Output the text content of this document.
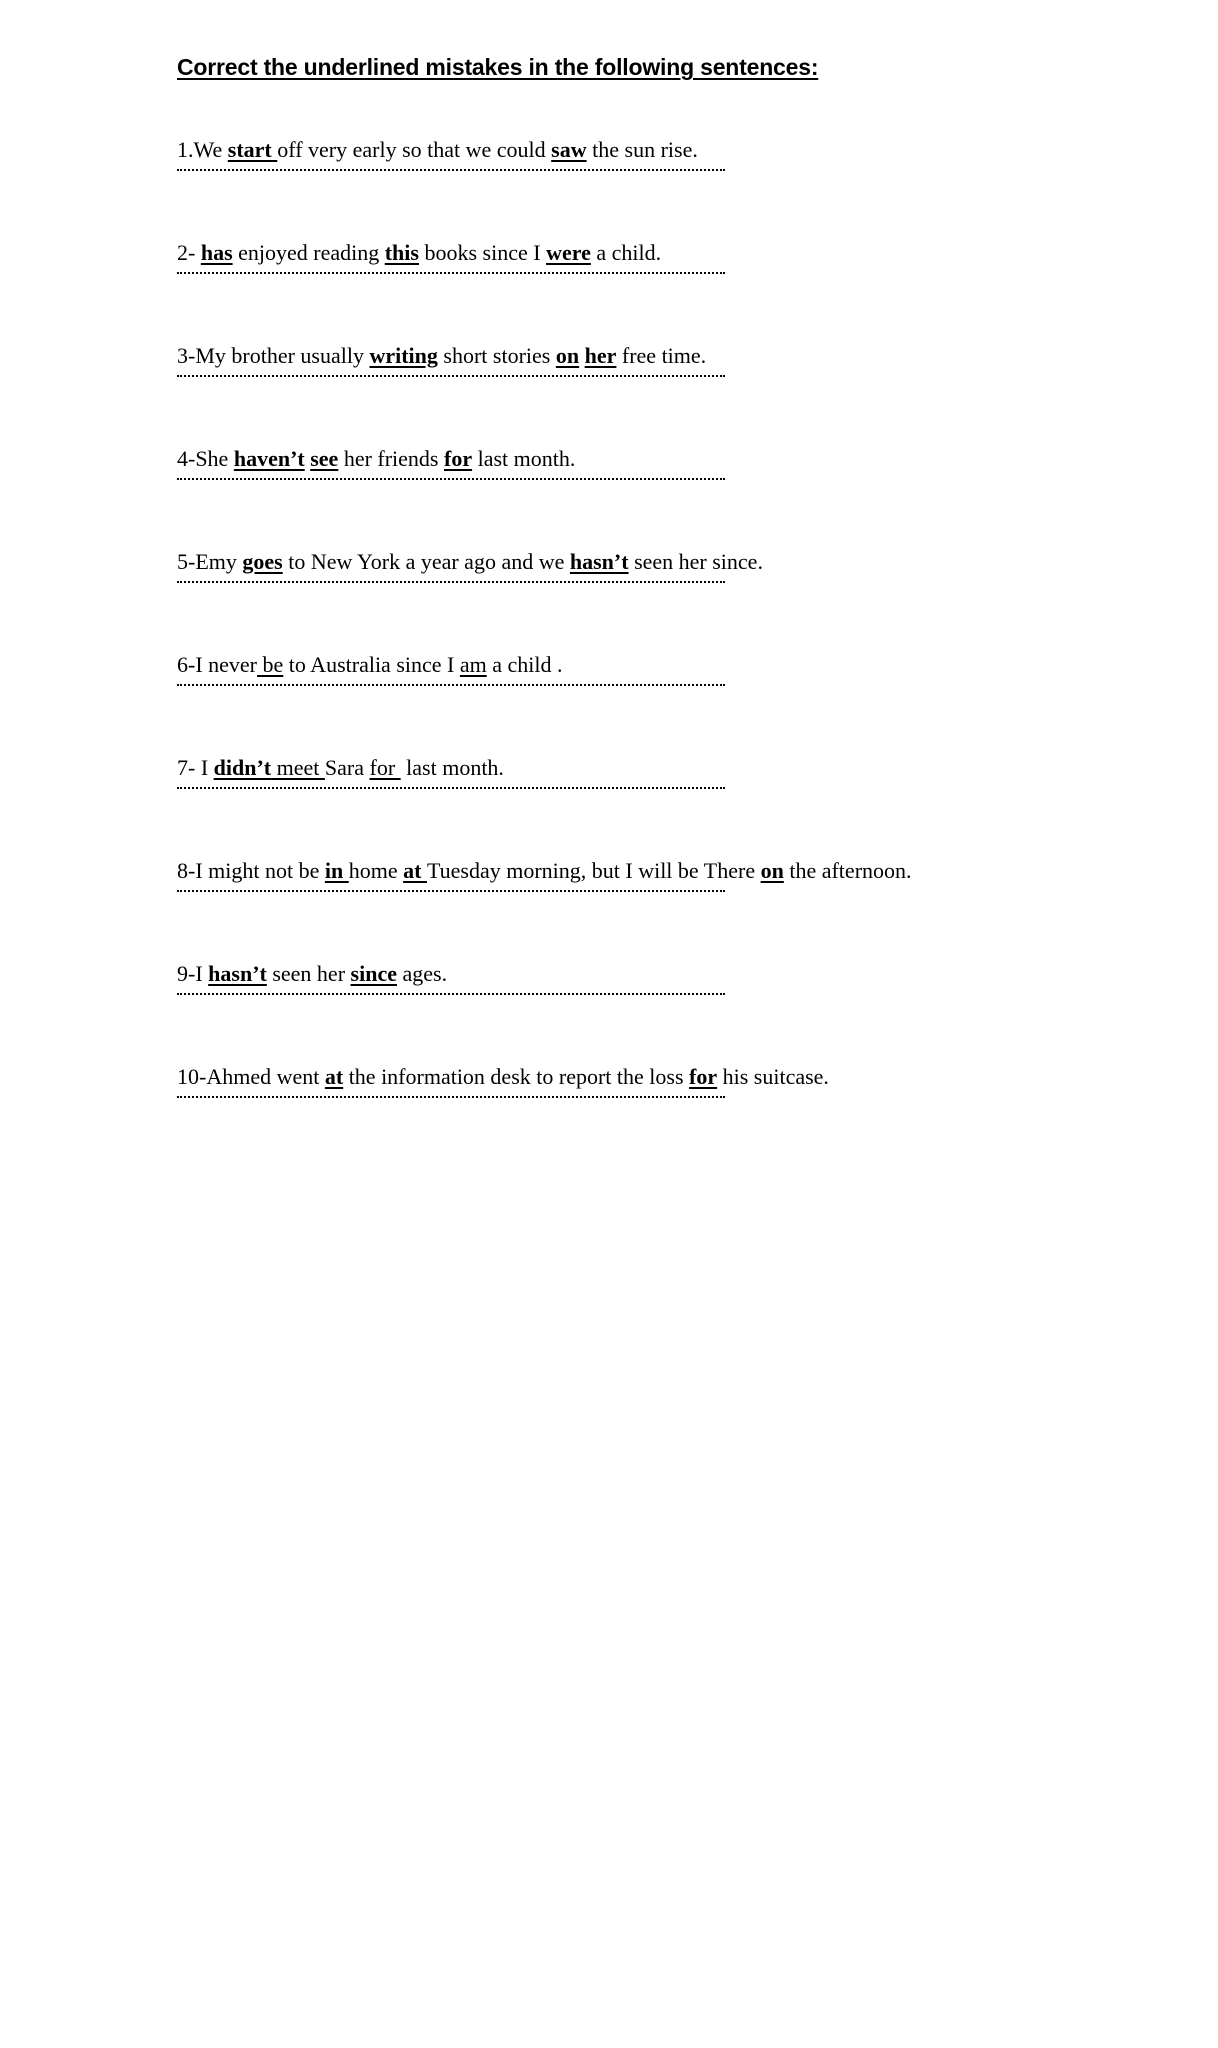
Correct the underlined mistakes in the following sentences:

1.We start off very early so that we could saw the sun rise.

2- has enjoyed reading this books since I were a child.

3-My brother usually writing short stories on her free time.

4-She haven’t see her friends for last month.

5-Emy goes to New York a year ago and we hasn’t seen her since.

6-I never be to Australia since I am a child .

7- I didn’t meet Sara for  last month.

8-I might not be in home at Tuesday morning, but I will be There on the afternoon.

9-I hasn’t seen her since ages.

10-Ahmed went at the information desk to report the loss for his suitcase.
